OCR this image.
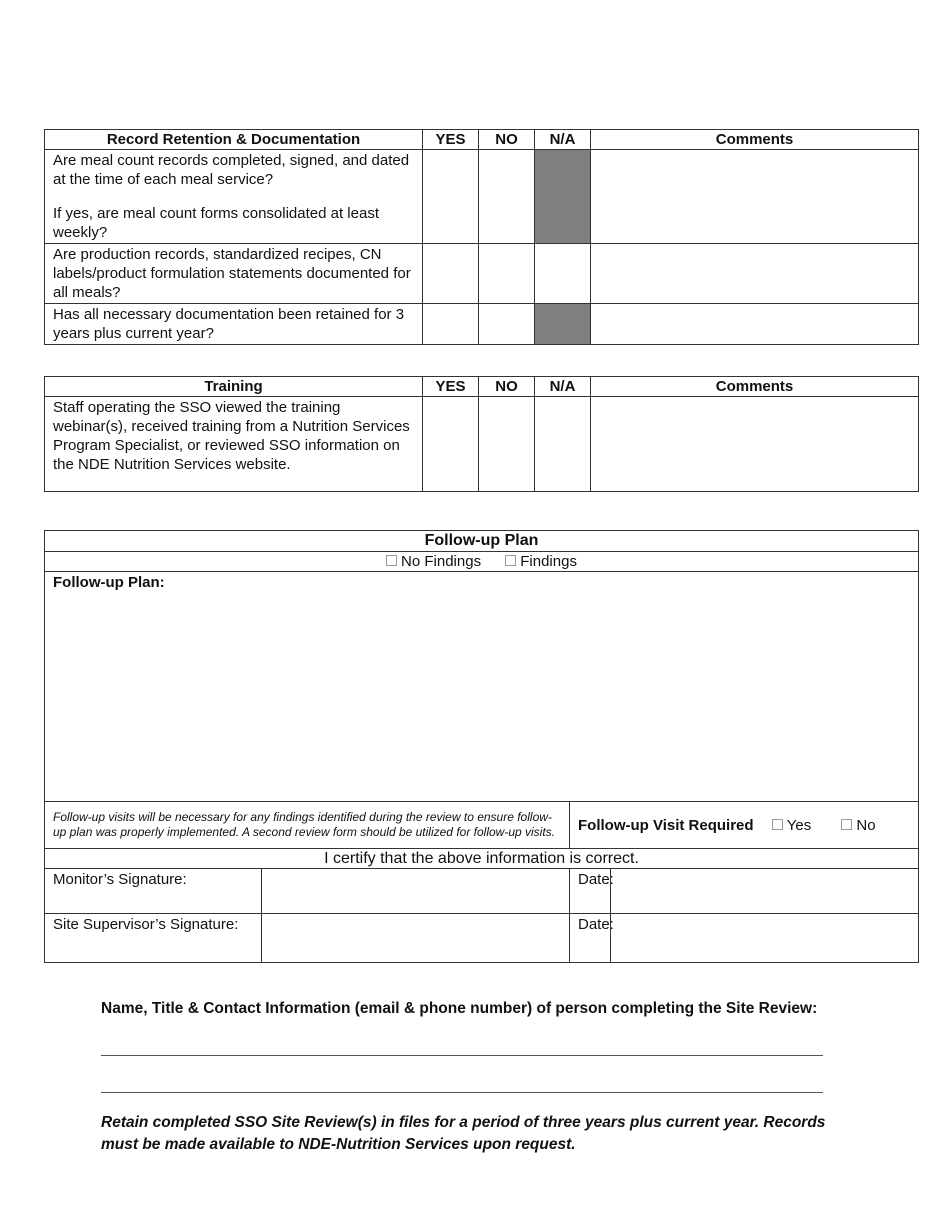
Record Retention & Documentation	YES	NO	N/A	Comments

Are meal count records completed, signed, and dated at the time of each meal service?
If yes, are meal count forms consolidated at least weekly?				

Are production records, standardized recipes, CN labels/product formulation statements documented for all meals?				
Has all necessary documentation been retained for 3 years plus current year?				
Training	YES	NO	N/A	Comments
Staff operating the SSO viewed the training webinar(s), received training from a Nutrition Services Program Specialist, or reviewed SSO information on the NDE Nutrition Services website.				
Follow-up Plan			
No Findings Findings			
Follow-up Plan:			
Follow-up visits will be necessary for any findings identified during the review to ensure follow-up plan was properly implemented. A second review form should be utilized for follow-up visits.		Follow-up Visit Required Yes No	
I certify that the above information is correct.			
Monitor’s Signature:		Date:	
Site Supervisor’s Signature:		Date:	
Name, Title & Contact Information (email & phone number) of person completing the Site Review:
Retain completed SSO Site Review(s) in files for a period of three years plus current year. Records must be made available to NDE-Nutrition Services upon request.
